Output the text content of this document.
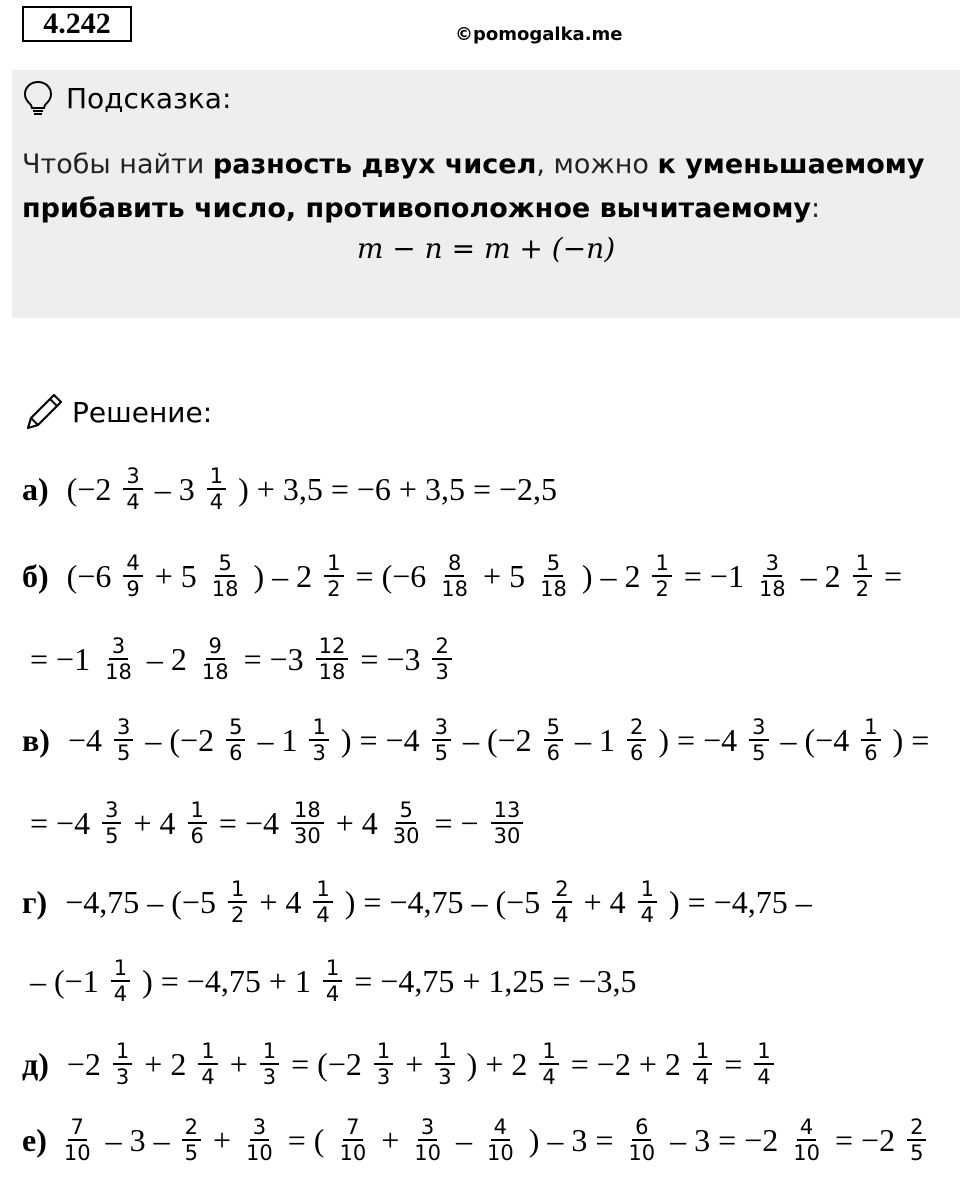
4.242	©pomogalka.me
Подсказка:
Чтобы найти разность двух чисел, можно к уменьшаемому
прибавить число, противоположное вычитаемому:
m − n = m + (−n)
Решение:
а) ($-2 \frac{3}{4} - 3 \frac{1}{4}$ ) + 3,5 = −6 + 3,5 = −2,5
б) ($-6 \frac{4}{9} + 5 \frac{5}{18}$ ) – $2 \frac{1}{2} = (-6 \frac{8}{18} + 5 \frac{5}{18}$ ) – $2 \frac{1}{2} = -1 \frac{3}{18} - 2 \frac{1}{2}$ =
= $-1 \frac{3}{18} - 2 \frac{9}{18} = -3 \frac{12}{18} = -3 \frac{2}{3}$
$в) -4 \frac{3}{5} - (-2 \frac{5}{6} - 1 \frac{1}{3}$ ) = $-4 \frac{3}{5} - (-2 \frac{5}{6} - 1 \frac{2}{6}$ ) = $-4 \frac{3}{5} - (-4 \frac{1}{6}$ ) =
= $-4 \frac{3}{5} + 4 \frac{1}{6} = -4 \frac{18}{30} + 4 \frac{5}{30}$ = − $\frac{13}{30}$
$г) -4,75 - (-5 \frac{1}{2} + 4 \frac{1}{4}$ ) = $-4,75 - (-5 \frac{2}{4} + 4 \frac{1}{4}$ ) = −4,75 –
– ($-1 \frac{1}{4}$ ) = $-4,75 + 1 \frac{1}{4} = -4,75 + 1,25 = -3,5$
$д) -2 \frac{1}{3} + 2 \frac{1}{4} + \frac{1}{3} = (-2 \frac{1}{3} + \frac{1}{3}$ ) + $2 \frac{1}{4} = -2 + 2 \frac{1}{4} = \frac{1}{4}$
$е) \frac{7}{10} - 3 - \frac{2}{5} + \frac{3}{10}$ = ( $\frac{7}{10} + \frac{3}{10} - \frac{4}{10}$ ) – $3 = \frac{6}{10} - 3 = -2 \frac{4}{10} = -2 \frac{2}{5}$
